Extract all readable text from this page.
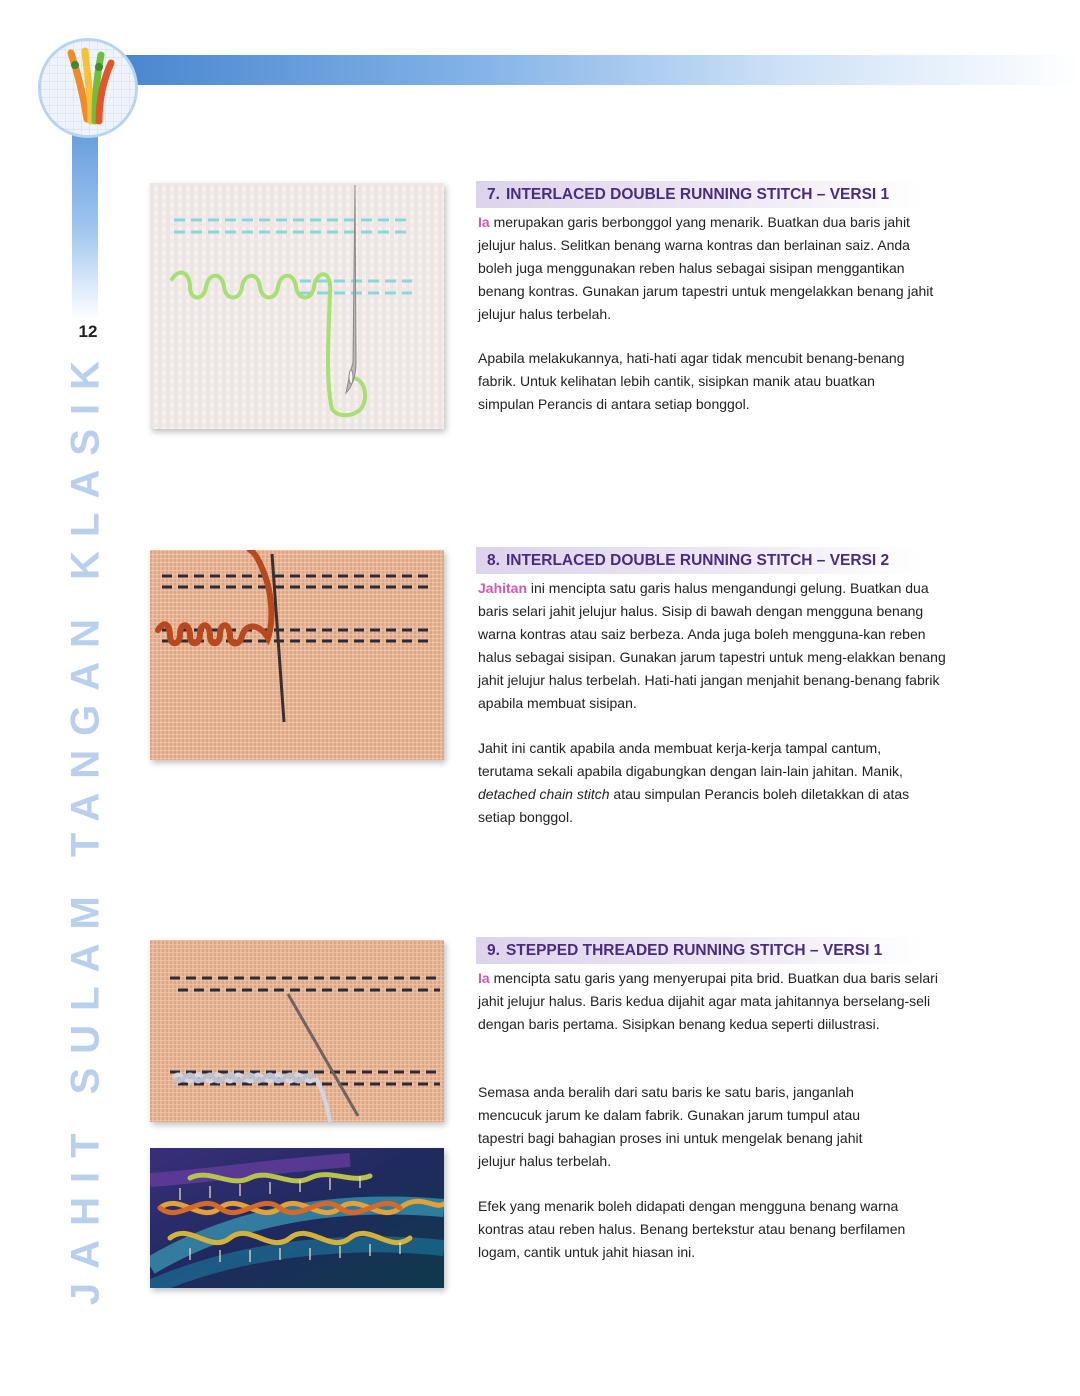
12
JAHIT SULAM TANGAN KLASIK
7. INTERLACED DOUBLE RUNNING STITCH – VERSI 1

Ia merupakan garis berbonggol yang menarik. Buatkan dua baris jahit jelujur halus. Selitkan benang warna kontras dan berlainan saiz. Anda boleh juga menggunakan reben halus sebagai sisipan menggantikan benang kontras. Gunakan jarum tapestri untuk mengelakkan benang jahit jelujur halus terbelah.

Apabila melakukannya, hati-hati agar tidak mencubit benang-benang fabrik. Untuk kelihatan lebih cantik, sisipkan manik atau buatkan simpulan Perancis di antara setiap bonggol.

8. INTERLACED DOUBLE RUNNING STITCH – VERSI 2

Jahitan ini mencipta satu garis halus mengandungi gelung. Buatkan dua baris selari jahit jelujur halus. Sisip di bawah dengan mengguna benang warna kontras atau saiz berbeza. Anda juga boleh mengguna-kan reben halus sebagai sisipan. Gunakan jarum tapestri untuk meng-elakkan benang jahit jelujur halus terbelah. Hati-hati jangan menjahit benang-benang fabrik apabila membuat sisipan.

Jahit ini cantik apabila anda membuat kerja-kerja tampal cantum, terutama sekali apabila digabungkan dengan lain-lain jahitan. Manik, detached chain stitch atau simpulan Perancis boleh diletakkan di atas setiap bonggol.

9. STEPPED THREADED RUNNING STITCH – VERSI 1

Ia mencipta satu garis yang menyerupai pita brid. Buatkan dua baris selari jahit jelujur halus. Baris kedua dijahit agar mata jahitannya berselang-seli dengan baris pertama. Sisipkan benang kedua seperti diilustrasi.

Semasa anda beralih dari satu baris ke satu baris, janganlah mencucuk jarum ke dalam fabrik. Gunakan jarum tumpul atau tapestri bagi bahagian proses ini untuk mengelak benang jahit jelujur halus terbelah.

Efek yang menarik boleh didapati dengan mengguna benang warna kontras atau reben halus. Benang bertekstur atau benang berfilamen logam, cantik untuk jahit hiasan ini.
